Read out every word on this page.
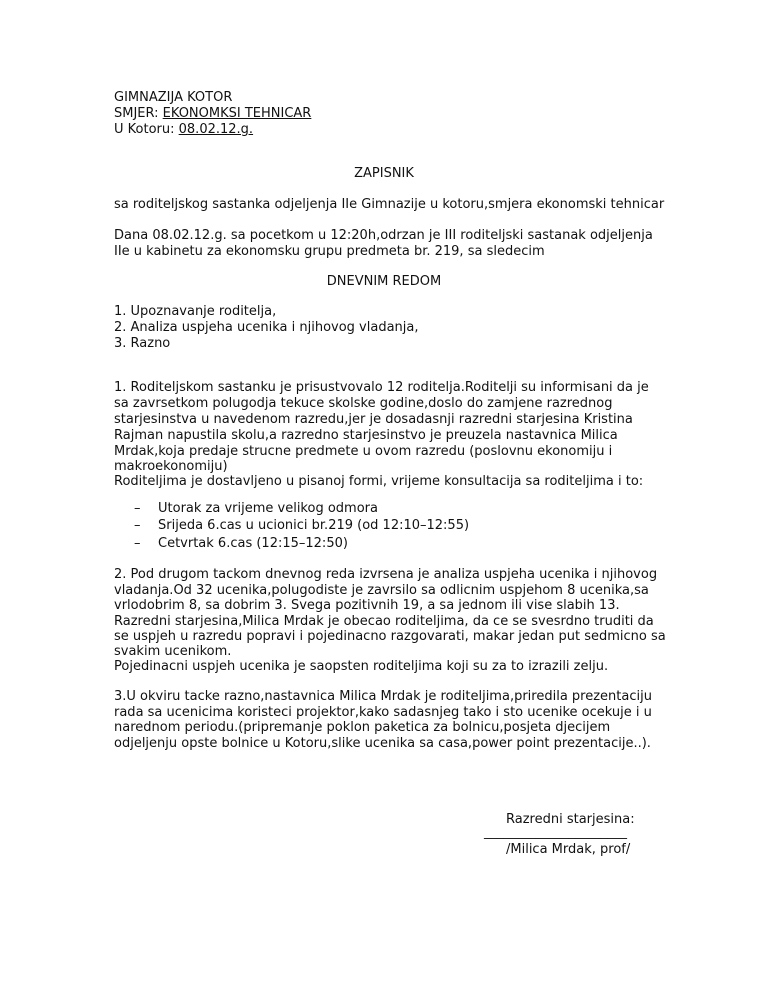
GIMNAZIJA KOTOR
SMJER: EKONOMKSI TEHNICAR
U Kotoru: 08.02.12.g.
ZAPISNIK
sa roditeljskog sastanka odjeljenja IIe Gimnazije u kotoru,smjera ekonomski tehnicar
Dana 08.02.12.g. sa pocetkom u 12:20h,odrzan je III roditeljski sastanak odjeljenja
IIe u kabinetu za ekonomsku grupu predmeta br. 219, sa sledecim
DNEVNIM REDOM
1. Upoznavanje roditelja,
2. Analiza uspjeha ucenika i njihovog vladanja,
3. Razno
1. Roditeljskom sastanku je prisustvovalo 12 roditelja.Roditelji su informisani da je
sa zavrsetkom polugodja tekuce skolske godine,doslo do zamjene razrednog
starjesinstva u navedenom razredu,jer je dosadasnji razredni starjesina Kristina
Rajman napustila skolu,a razredno starjesinstvo je preuzela nastavnica Milica
Mrdak,koja predaje strucne predmete u ovom razredu (poslovnu ekonomiju i
makroekonomiju)
Roditeljima je dostavljeno u pisanoj formi, vrijeme konsultacija sa roditeljima i to:
– Utorak za vrijeme velikog odmora
– Srijeda 6.cas u ucionici br.219 (od 12:10–12:55)
– Cetvrtak 6.cas (12:15–12:50)
2. Pod drugom tackom dnevnog reda izvrsena je analiza uspjeha ucenika i njihovog
vladanja.Od 32 ucenika,polugodiste je zavrsilo sa odlicnim uspjehom 8 ucenika,sa
vrlodobrim 8, sa dobrim 3. Svega pozitivnih 19, a sa jednom ili vise slabih 13.
Razredni starjesina,Milica Mrdak je obecao roditeljima, da ce se svesrdno truditi da
se uspjeh u razredu popravi i pojedinacno razgovarati, makar jedan put sedmicno sa
svakim ucenikom.
Pojedinacni uspjeh ucenika je saopsten roditeljima koji su za to izrazili zelju.
3.U okviru tacke razno,nastavnica Milica Mrdak je roditeljima,priredila prezentaciju
rada sa ucenicima koristeci projektor,kako sadasnjeg tako i sto ucenike ocekuje i u
narednom periodu.(pripremanje poklon paketica za bolnicu,posjeta djecijem
odjeljenju opste bolnice u Kotoru,slike ucenika sa casa,power point prezentacije..).
Razredni starjesina:
______________________
/Milica Mrdak, prof/
